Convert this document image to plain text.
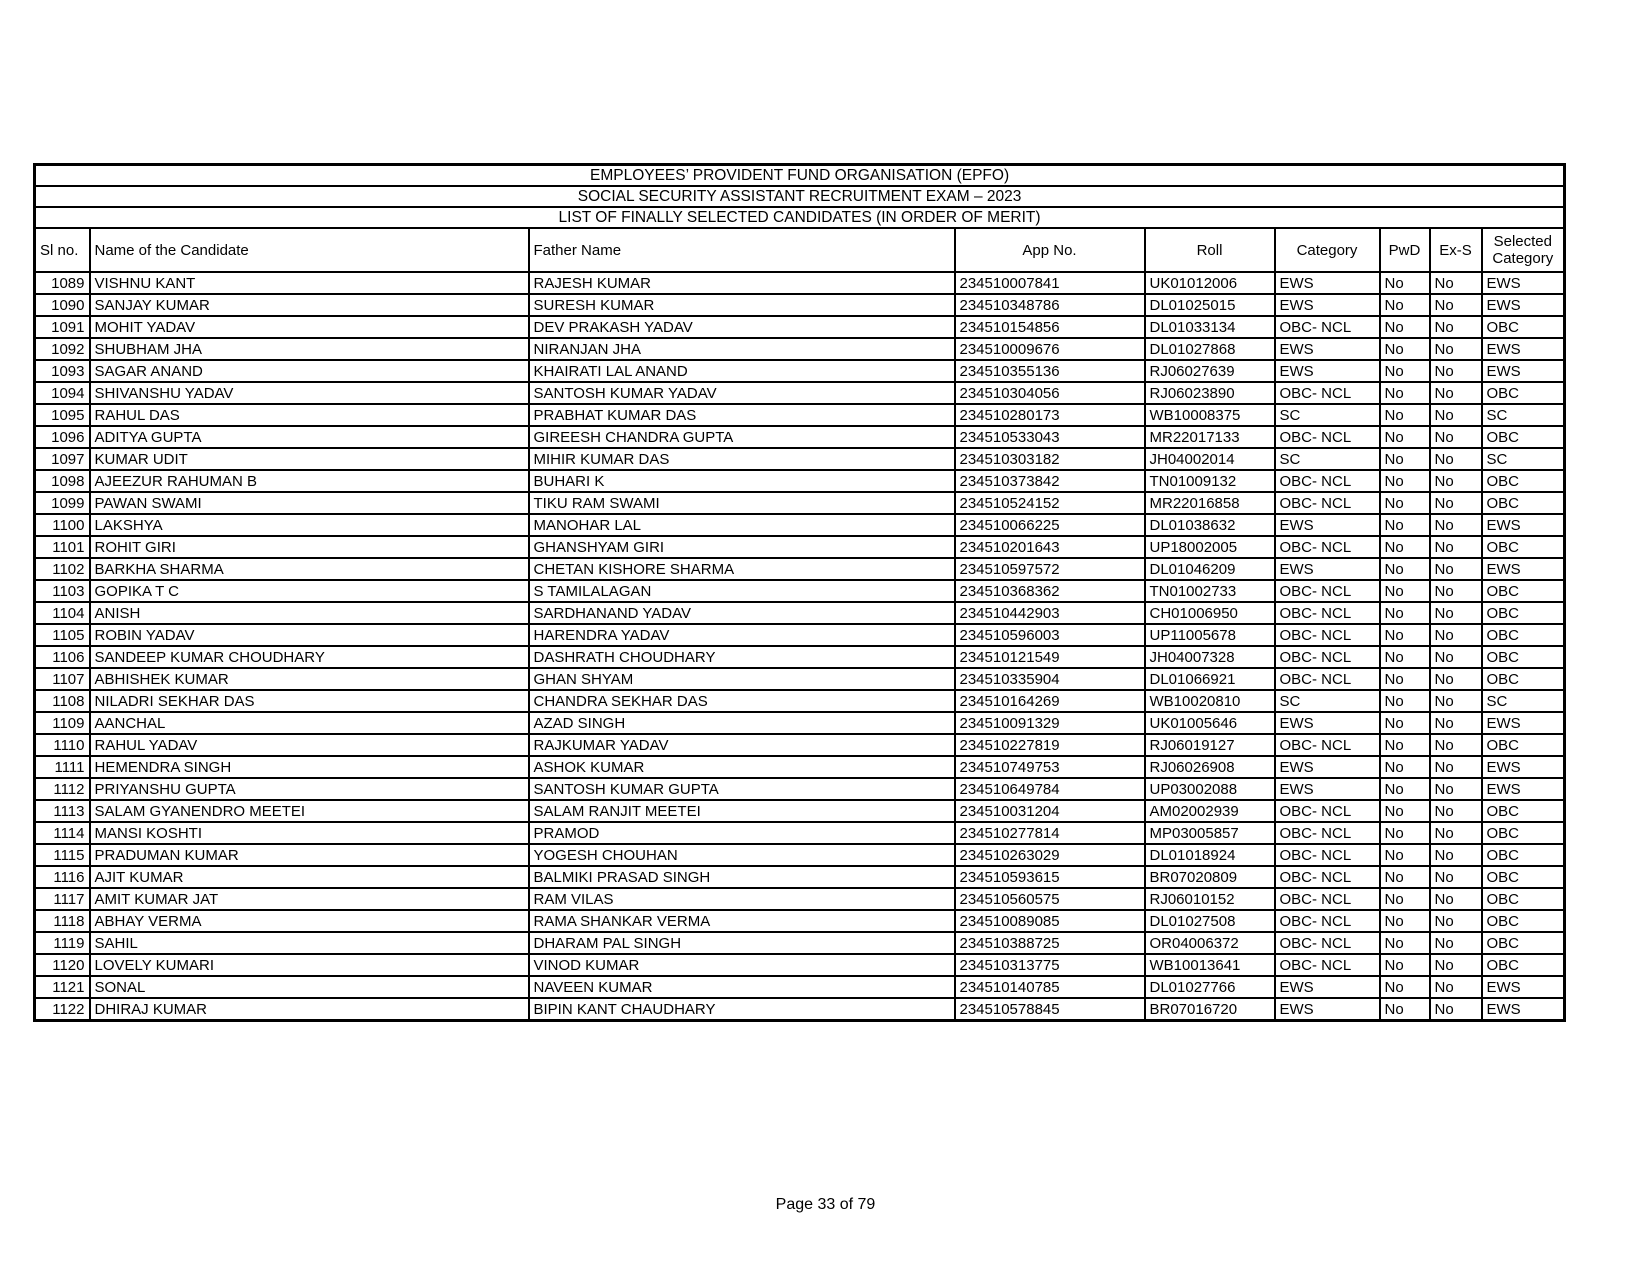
EMPLOYEES’ PROVIDENT FUND ORGANISATION (EPFO)								
SOCIAL SECURITY ASSISTANT RECRUITMENT EXAM – 2023								
LIST OF FINALLY SELECTED CANDIDATES (IN ORDER OF MERIT)								
Sl no.	Name of the Candidate	Father Name	App No.	Roll	Category	PwD	Ex-S	Selected Category
1089	VISHNU KANT	RAJESH KUMAR	234510007841	UK01012006	EWS	No	No	EWS
1090	SANJAY KUMAR	SURESH KUMAR	234510348786	DL01025015	EWS	No	No	EWS
1091	MOHIT YADAV	DEV PRAKASH YADAV	234510154856	DL01033134	OBC- NCL	No	No	OBC
1092	SHUBHAM JHA	NIRANJAN JHA	234510009676	DL01027868	EWS	No	No	EWS
1093	SAGAR ANAND	KHAIRATI LAL ANAND	234510355136	RJ06027639	EWS	No	No	EWS
1094	SHIVANSHU YADAV	SANTOSH KUMAR YADAV	234510304056	RJ06023890	OBC- NCL	No	No	OBC
1095	RAHUL DAS	PRABHAT KUMAR DAS	234510280173	WB10008375	SC	No	No	SC
1096	ADITYA GUPTA	GIREESH CHANDRA GUPTA	234510533043	MR22017133	OBC- NCL	No	No	OBC
1097	KUMAR UDIT	MIHIR KUMAR DAS	234510303182	JH04002014	SC	No	No	SC
1098	AJEEZUR RAHUMAN B	BUHARI K	234510373842	TN01009132	OBC- NCL	No	No	OBC
1099	PAWAN SWAMI	TIKU RAM SWAMI	234510524152	MR22016858	OBC- NCL	No	No	OBC
1100	LAKSHYA	MANOHAR LAL	234510066225	DL01038632	EWS	No	No	EWS
1101	ROHIT GIRI	GHANSHYAM GIRI	234510201643	UP18002005	OBC- NCL	No	No	OBC
1102	BARKHA SHARMA	CHETAN KISHORE SHARMA	234510597572	DL01046209	EWS	No	No	EWS
1103	GOPIKA T C	S TAMILALAGAN	234510368362	TN01002733	OBC- NCL	No	No	OBC
1104	ANISH	SARDHANAND YADAV	234510442903	CH01006950	OBC- NCL	No	No	OBC
1105	ROBIN YADAV	HARENDRA YADAV	234510596003	UP11005678	OBC- NCL	No	No	OBC
1106	SANDEEP KUMAR CHOUDHARY	DASHRATH CHOUDHARY	234510121549	JH04007328	OBC- NCL	No	No	OBC
1107	ABHISHEK KUMAR	GHAN SHYAM	234510335904	DL01066921	OBC- NCL	No	No	OBC
1108	NILADRI SEKHAR DAS	CHANDRA SEKHAR DAS	234510164269	WB10020810	SC	No	No	SC
1109	AANCHAL	AZAD SINGH	234510091329	UK01005646	EWS	No	No	EWS
1110	RAHUL YADAV	RAJKUMAR YADAV	234510227819	RJ06019127	OBC- NCL	No	No	OBC
1111	HEMENDRA SINGH	ASHOK KUMAR	234510749753	RJ06026908	EWS	No	No	EWS
1112	PRIYANSHU GUPTA	SANTOSH KUMAR GUPTA	234510649784	UP03002088	EWS	No	No	EWS
1113	SALAM GYANENDRO MEETEI	SALAM RANJIT MEETEI	234510031204	AM02002939	OBC- NCL	No	No	OBC
1114	MANSI KOSHTI	PRAMOD	234510277814	MP03005857	OBC- NCL	No	No	OBC
1115	PRADUMAN KUMAR	YOGESH CHOUHAN	234510263029	DL01018924	OBC- NCL	No	No	OBC
1116	AJIT KUMAR	BALMIKI PRASAD SINGH	234510593615	BR07020809	OBC- NCL	No	No	OBC
1117	AMIT KUMAR JAT	RAM VILAS	234510560575	RJ06010152	OBC- NCL	No	No	OBC
1118	ABHAY VERMA	RAMA SHANKAR VERMA	234510089085	DL01027508	OBC- NCL	No	No	OBC
1119	SAHIL	DHARAM PAL SINGH	234510388725	OR04006372	OBC- NCL	No	No	OBC
1120	LOVELY KUMARI	VINOD KUMAR	234510313775	WB10013641	OBC- NCL	No	No	OBC
1121	SONAL	NAVEEN KUMAR	234510140785	DL01027766	EWS	No	No	EWS
1122	DHIRAJ KUMAR	BIPIN KANT CHAUDHARY	234510578845	BR07016720	EWS	No	No	EWS
Page 33 of 79
